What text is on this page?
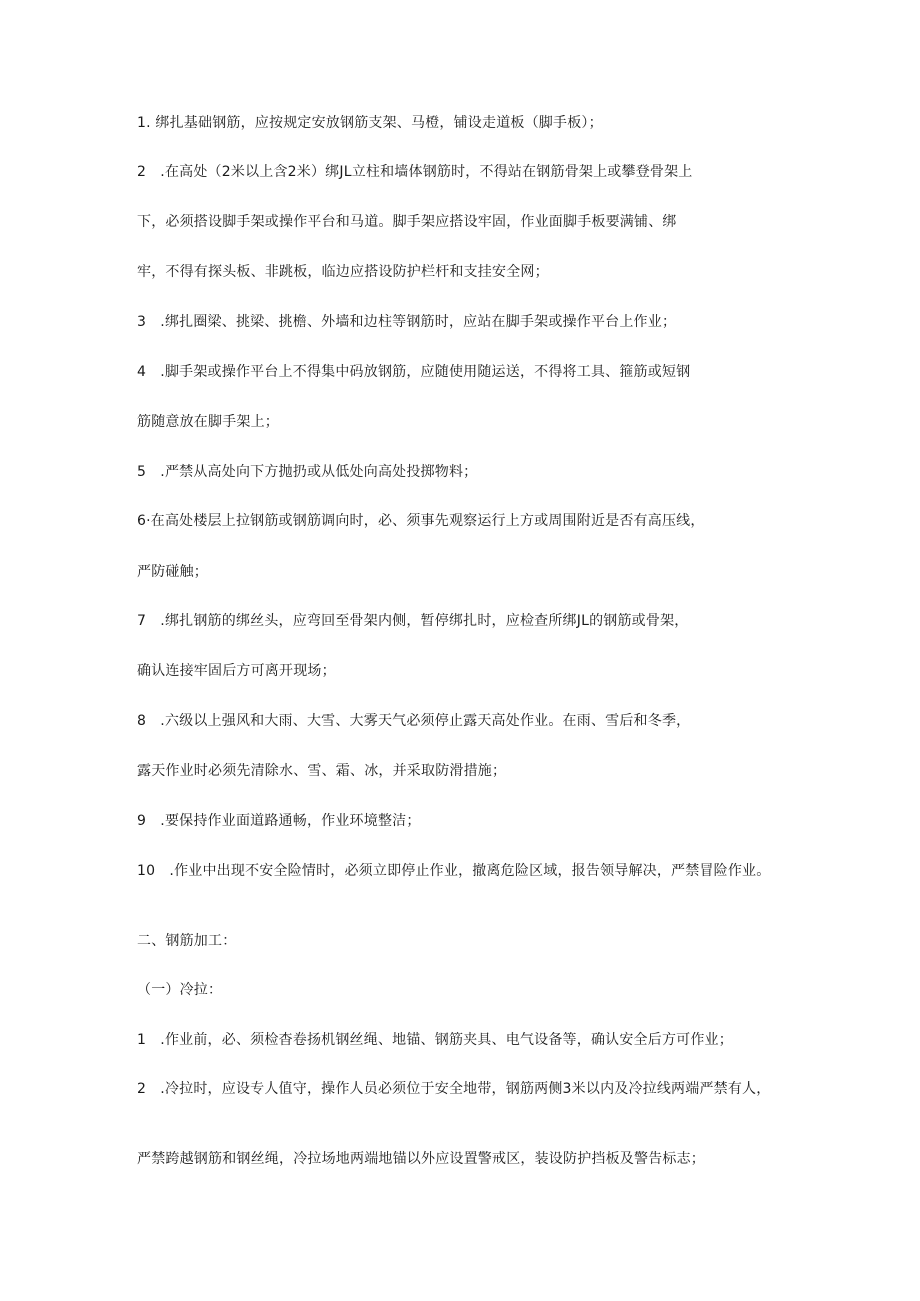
1. 绑扎基础钢筋，应按规定安放钢筋支架、马橙，铺设走道板（脚手板）；
2　.在高处（2米以上含2米）绑JL立柱和墙体钢筋时，不得站在钢筋骨架上或攀登骨架上
下，必须搭设脚手架或操作平台和马道。脚手架应搭设牢固，作业面脚手板要满铺、绑
牢，不得有探头板、非跳板，临边应搭设防护栏杆和支挂安全网；
3　.绑扎圈梁、挑梁、挑檐、外墙和边柱等钢筋时，应站在脚手架或操作平台上作业；
4　.脚手架或操作平台上不得集中码放钢筋，应随使用随运送，不得将工具、箍筋或短钢
筋随意放在脚手架上；
5　.严禁从高处向下方抛扔或从低处向高处投掷物料；
6·在高处楼层上拉钢筋或钢筋调向时，必、须事先观察运行上方或周围附近是否有高压线，
严防碰触；
7　.绑扎钢筋的绑丝头，应弯回至骨架内侧，暂停绑扎时，应检查所绑JL的钢筋或骨架，
确认连接牢固后方可离开现场；
8　.六级以上强风和大雨、大雪、大雾天气必须停止露天高处作业。在雨、雪后和冬季，
露天作业时必须先清除水、雪、霜、冰，并采取防滑措施；
9　.要保持作业面道路通畅，作业环境整洁；
10　.作业中出现不安全险情时，必须立即停止作业，撤离危险区域，报告领导解决，严禁冒险作业。
二、钢筋加工：
（一）冷拉：
1　.作业前，必、须检杳卷扬机钢丝绳、地锚、钢筋夹具、电气设备等，确认安全后方可作业；
2　.冷拉时，应设专人值守，操作人员必须位于安全地带，钢筋两侧3米以内及冷拉线两端严禁有人，
严禁跨越钢筋和钢丝绳，冷拉场地两端地锚以外应设置警戒区，装设防护挡板及警告标志；
